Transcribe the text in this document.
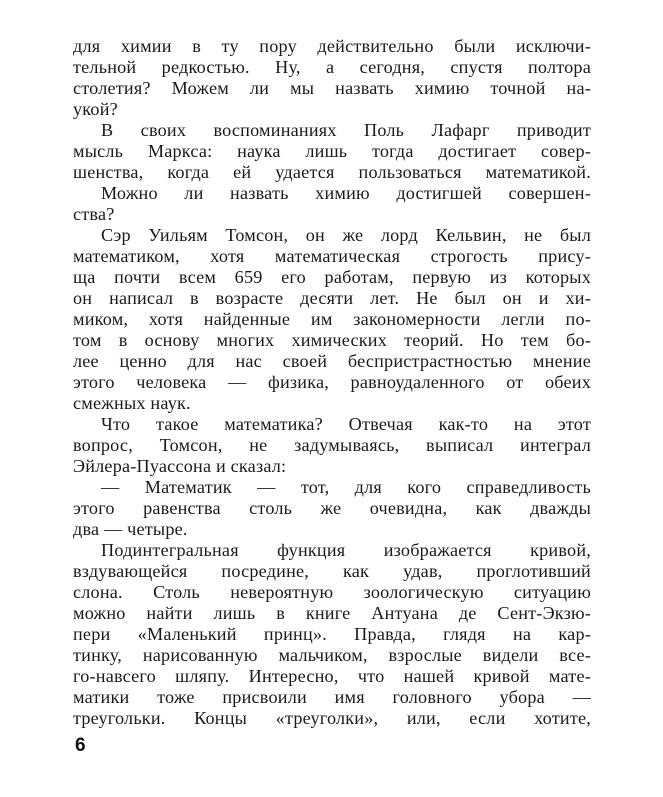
для химии в ту пору действительно были исключи-
тельной редкостью. Ну, а сегодня, спустя полтора
столетия? Можем ли мы назвать химию точной на-
укой?
В своих воспоминаниях Поль Лафарг приводит
мысль Маркса: наука лишь тогда достигает совер-
шенства, когда ей удается пользоваться математикой.
Можно ли назвать химию достигшей совершен-
ства?
Сэр Уильям Томсон, он же лорд Кельвин, не был
математиком, хотя математическая строгость прису-
ща почти всем 659 его работам, первую из которых
он написал в возрасте десяти лет. Не был он и хи-
миком, хотя найденные им закономерности легли по-
том в основу многих химических теорий. Но тем бо-
лее ценно для нас своей беспристрастностью мнение
этого человека — физика, равноудаленного от обеих
смежных наук.
Что такое математика? Отвечая как-то на этот
вопрос, Томсон, не задумываясь, выписал интеграл
Эйлера-Пуассона и сказал:
— Математик — тот, для кого справедливость
этого равенства столь же очевидна, как дважды
два — четыре.
Подинтегральная функция изображается кривой,
вздувающейся посредине, как удав, проглотивший
слона. Столь невероятную зоологическую ситуацию
можно найти лишь в книге Антуана де Сент-Экзю-
пери «Маленький принц». Правда, глядя на кар-
тинку, нарисованную мальчиком, взрослые видели все-
го-навсего шляпу. Интересно, что нашей кривой мате-
матики тоже присвоили имя головного убора —
треугольки. Концы «треуголки», или, если хотите,
6
